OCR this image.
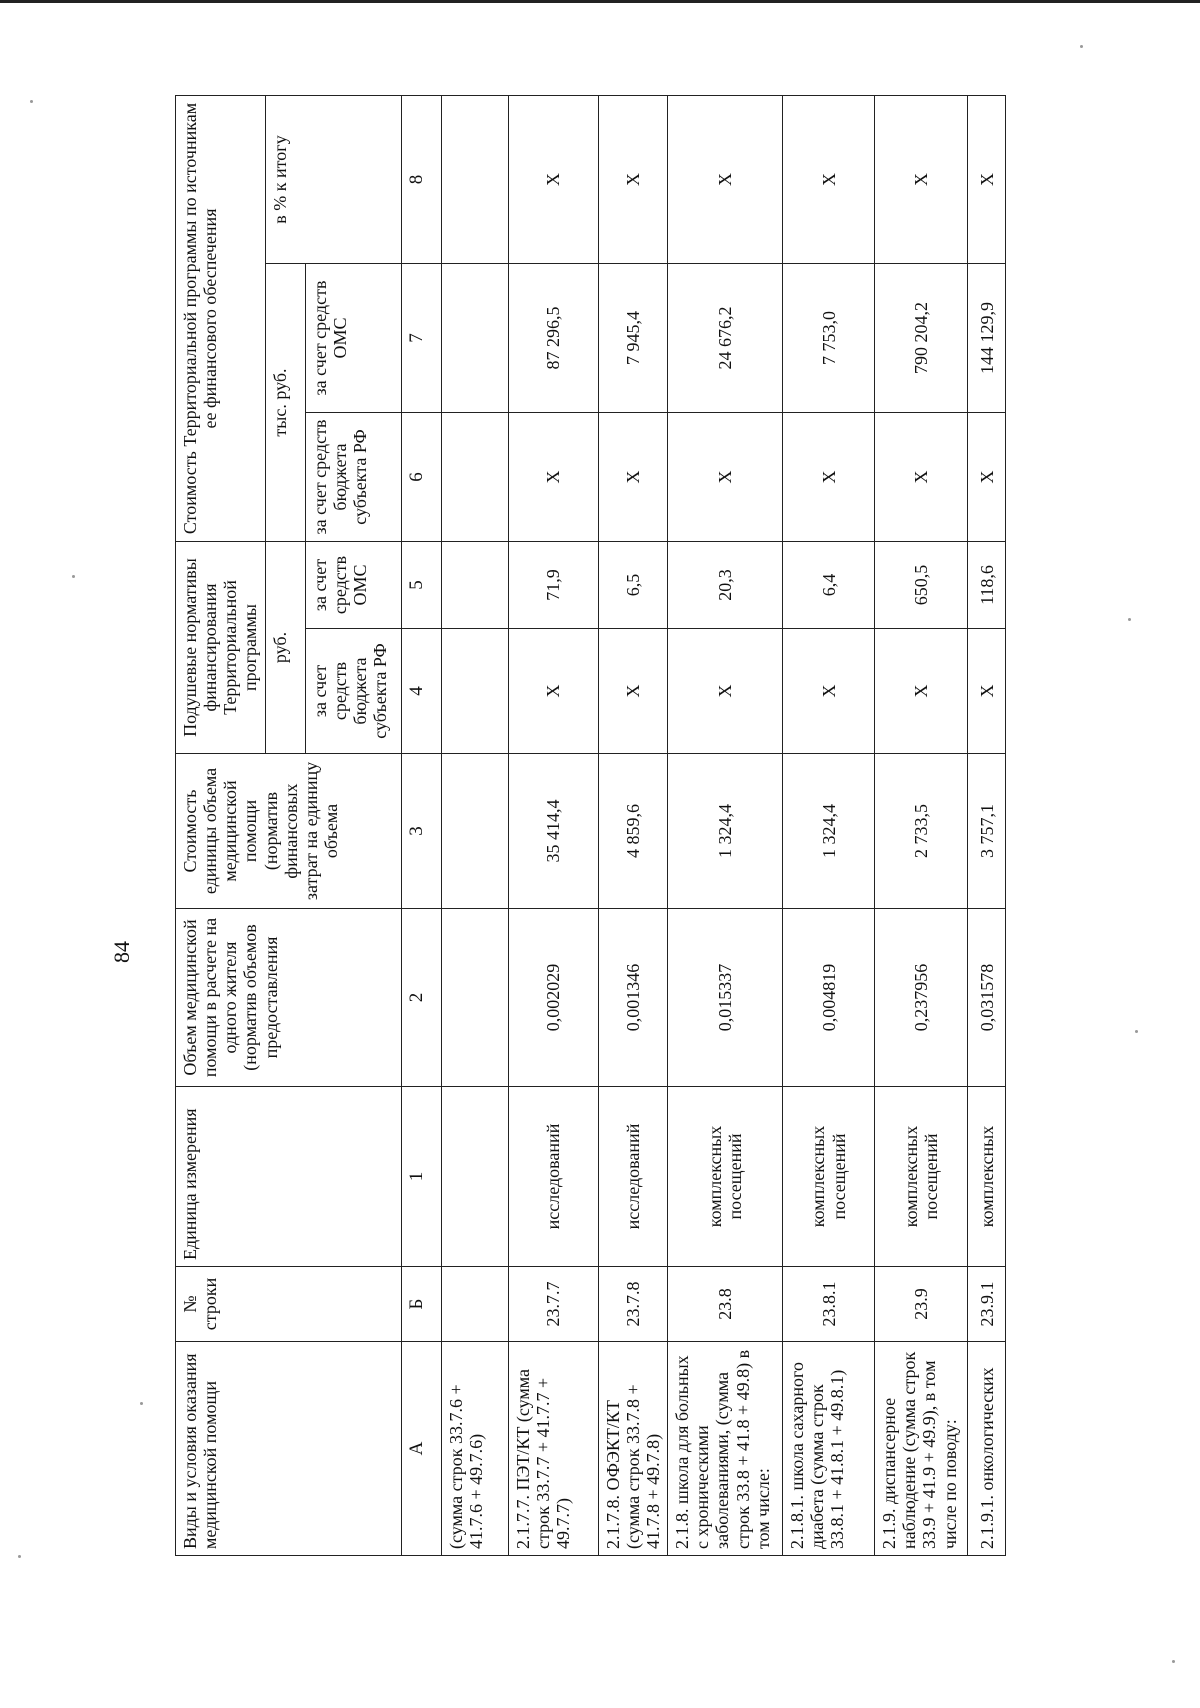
84
Виды и условия оказания медицинской помощи	№ строки	Единица измерения	Объем медицинской помощи в расчете на одного жителя (норматив объемов предоставления	Стоимость единицы объема медицинской помощи (норматив финансовых затрат на единицу объема	Подушевые нормативы финансирования Территориальной программы		Стоимость Территориальной программы по источникам ее финансового обеспечения		
					руб.		тыс. руб.		в % к итогу
					за счет средств бюджета субъекта РФ	за счет средств ОМС	за счет средств бюджета субъекта РФ	за счет средств ОМС	
А	Б	1	2	3	4	5	6	7	8
(сумма строк 33.7.6 + 41.7.6 + 49.7.6)									
2.1.7.7. ПЭТ/КТ (сумма строк 33.7.7 + 41.7.7 + 49.7.7)	23.7.7	исследований	0,002029	35 414,4	X	71,9	X	87 296,5	X
2.1.7.8. ОФЭКТ/КТ (сумма строк 33.7.8 + 41.7.8 + 49.7.8)	23.7.8	исследований	0,001346	4 859,6	X	6,5	X	7 945,4	X
2.1.8. школа для больных с хроническими заболеваниями, (сумма строк 33.8 + 41.8 + 49.8) в том числе:	23.8	комплексных посещений	0,015337	1 324,4	X	20,3	X	24 676,2	X
2.1.8.1. школа сахарного диабета (сумма строк 33.8.1 + 41.8.1 + 49.8.1)	23.8.1	комплексных посещений	0,004819	1 324,4	X	6,4	X	7 753,0	X
2.1.9. диспансерное наблюдение (сумма строк 33.9 + 41.9 + 49.9), в том числе по поводу:	23.9	комплексных посещений	0,237956	2 733,5	X	650,5	X	790 204,2	X
2.1.9.1. онкологических	23.9.1	комплексных	0,031578	3 757,1	X	118,6	X	144 129,9	X
